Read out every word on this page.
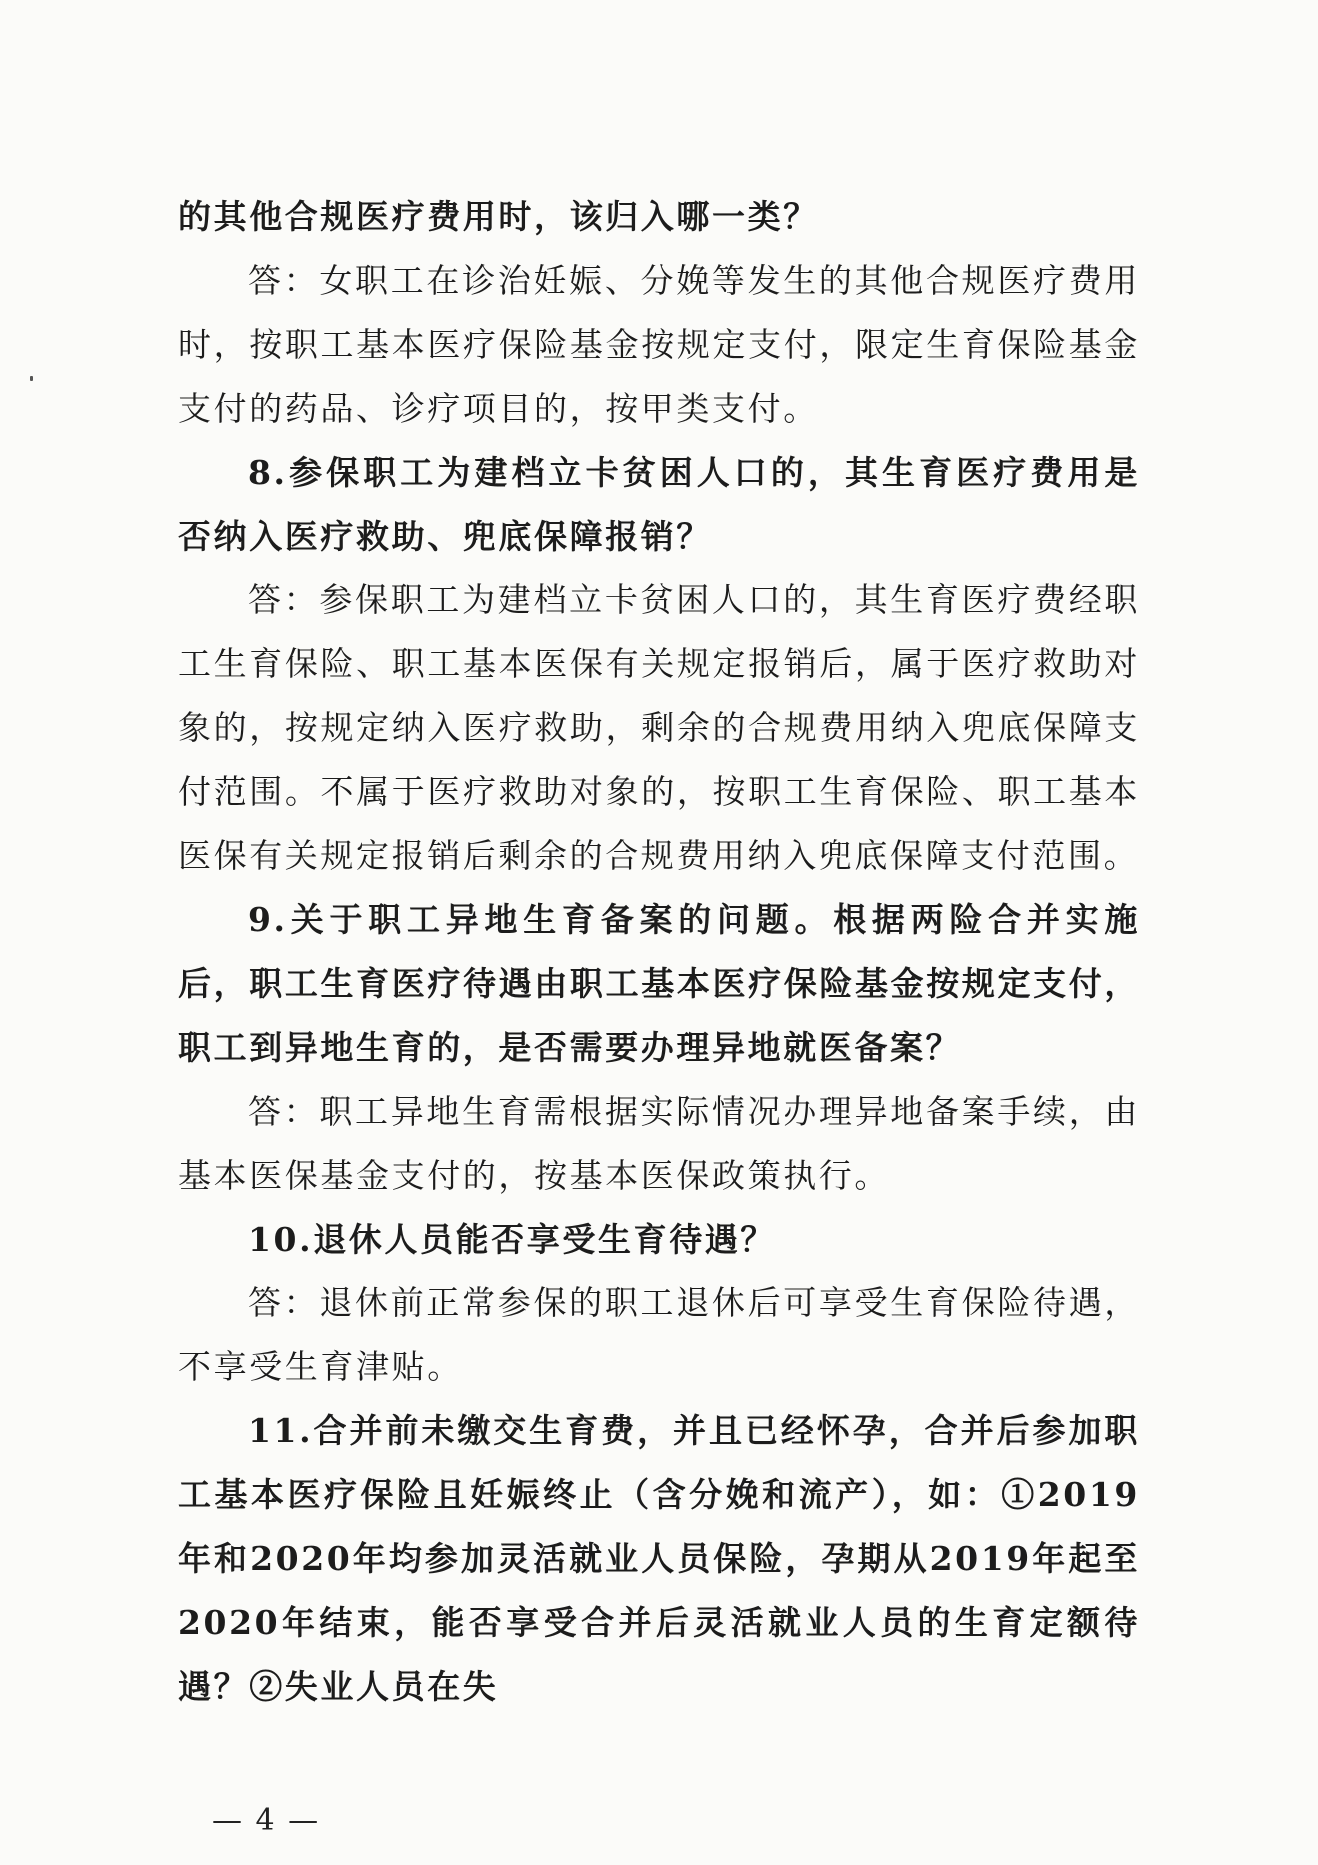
的其他合规医疗费用时，该归入哪一类？

答：女职工在诊治妊娠、分娩等发生的其他合规医疗费用时，按职工基本医疗保险基金按规定支付，限定生育保险基金支付的药品、诊疗项目的，按甲类支付。

8.参保职工为建档立卡贫困人口的，其生育医疗费用是否纳入医疗救助、兜底保障报销？

答：参保职工为建档立卡贫困人口的，其生育医疗费经职工生育保险、职工基本医保有关规定报销后，属于医疗救助对象的，按规定纳入医疗救助，剩余的合规费用纳入兜底保障支付范围。不属于医疗救助对象的，按职工生育保险、职工基本医保有关规定报销后剩余的合规费用纳入兜底保障支付范围。

9.关于职工异地生育备案的问题。根据两险合并实施后，职工生育医疗待遇由职工基本医疗保险基金按规定支付，职工到异地生育的，是否需要办理异地就医备案？

答：职工异地生育需根据实际情况办理异地备案手续，由基本医保基金支付的，按基本医保政策执行。

10.退休人员能否享受生育待遇？

答：退休前正常参保的职工退休后可享受生育保险待遇，不享受生育津贴。

11.合并前未缴交生育费，并且已经怀孕，合并后参加职工基本医疗保险且妊娠终止（含分娩和流产），如：①2019年和2020年均参加灵活就业人员保险，孕期从2019年起至2020年结束，能否享受合并后灵活就业人员的生育定额待遇？②失业人员在失

— 4 —
